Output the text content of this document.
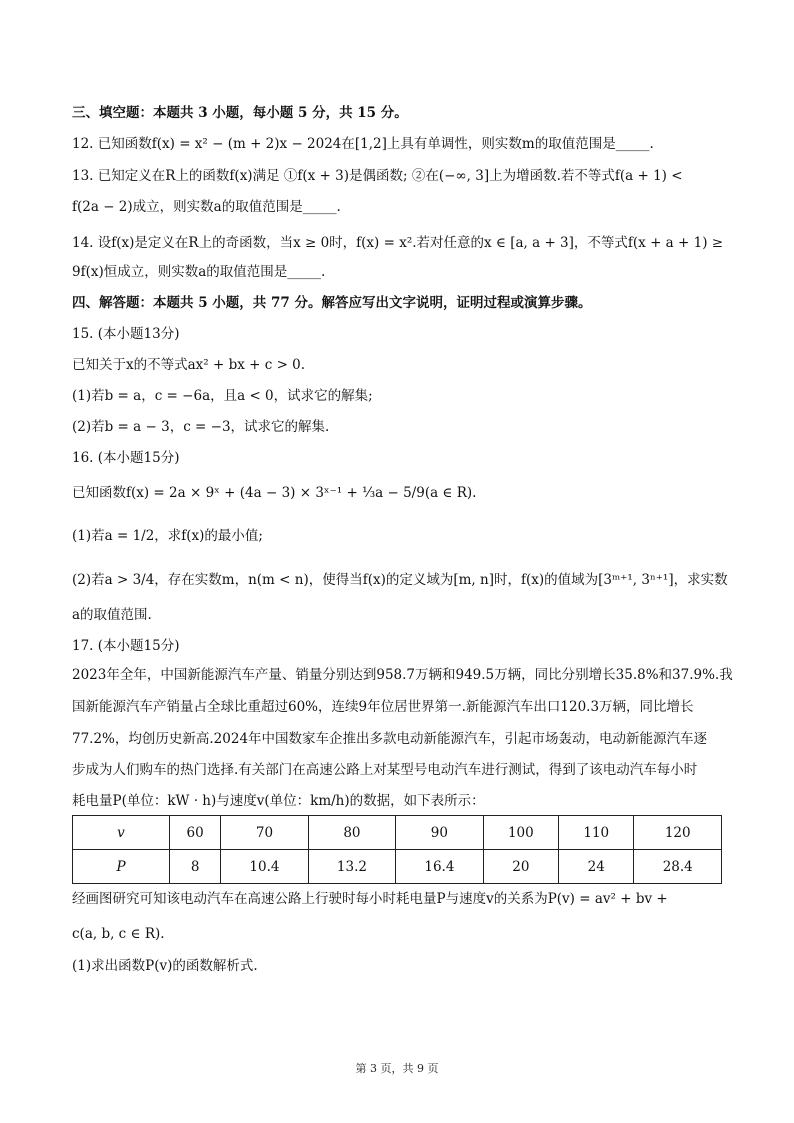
三、填空题：本题共 3 小题，每小题 5 分，共 15 分。
12. 已知函数f(x) = x² − (m + 2)x − 2024在[1,2]上具有单调性，则实数m的取值范围是_____.
13. 已知定义在R上的函数f(x)满足 ①f(x + 3)是偶函数; ②在(−∞, 3]上为增函数.若不等式f(a + 1) <
f(2a − 2)成立，则实数a的取值范围是_____.
14. 设f(x)是定义在R上的奇函数，当x ≥ 0时，f(x) = x².若对任意的x ∈ [a, a + 3]，不等式f(x + a + 1) ≥
9f(x)恒成立，则实数a的取值范围是_____.
四、解答题：本题共 5 小题，共 77 分。解答应写出文字说明，证明过程或演算步骤。
15. (本小题13分)
已知关于x的不等式ax² + bx + c > 0.
(1)若b = a，c = −6a，且a < 0，试求它的解集;
(2)若b = a − 3，c = −3，试求它的解集.
16. (本小题15分)
已知函数f(x) = 2a × 9ˣ + (4a − 3) × 3ˣ⁻¹ + ⅓a − 5/9(a ∈ R).
(1)若a = 1/2，求f(x)的最小值;
(2)若a > 3/4，存在实数m，n(m < n)，使得当f(x)的定义域为[m, n]时，f(x)的值域为[3ᵐ⁺¹, 3ⁿ⁺¹]，求实数
a的取值范围.
17. (本小题15分)
2023年全年，中国新能源汽车产量、销量分别达到958.7万辆和949.5万辆，同比分别增长35.8%和37.9%.我
国新能源汽车产销量占全球比重超过60%，连续9年位居世界第一.新能源汽车出口120.3万辆，同比增长
77.2%，均创历史新高.2024年中国数家车企推出多款电动新能源汽车，引起市场轰动，电动新能源汽车逐
步成为人们购车的热门选择.有关部门在高速公路上对某型号电动汽车进行测试，得到了该电动汽车每小时
耗电量P(单位：kW · h)与速度v(单位：km/h)的数据，如下表所示：
v	60	70	80	90	100	110	120
P	8	10.4	13.2	16.4	20	24	28.4
经画图研究可知该电动汽车在高速公路上行驶时每小时耗电量P与速度v的关系为P(v) = av² + bv +
c(a, b, c ∈ R).
(1)求出函数P(v)的函数解析式.
第 3 页，共 9 页
